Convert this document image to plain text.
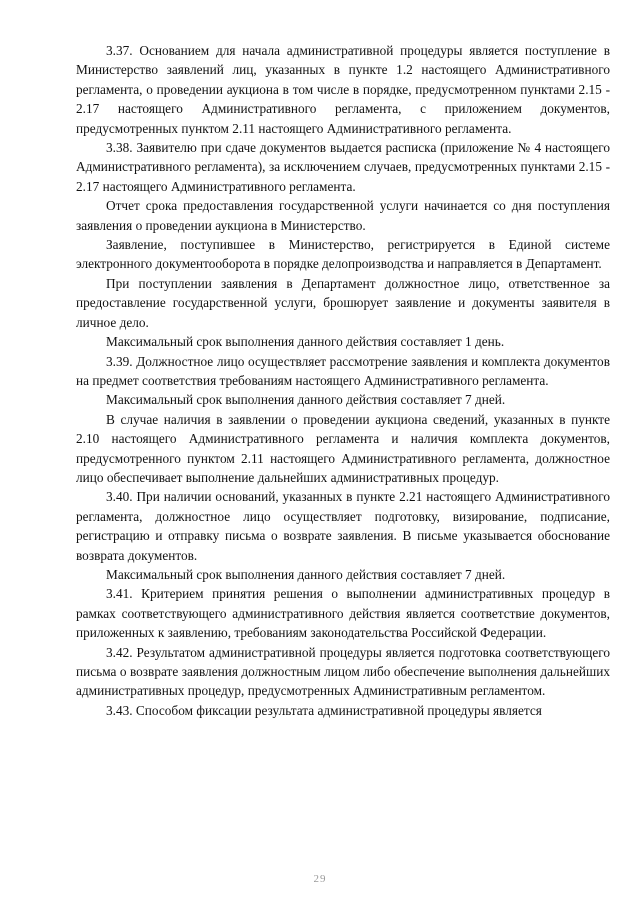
3.37. Основанием для начала административной процедуры является поступление в Министерство заявлений лиц, указанных в пункте 1.2 настоящего Административного регламента, о проведении аукциона в том числе в порядке, предусмотренном пунктами 2.15 - 2.17 настоящего Административного регламента, с приложением документов, предусмотренных пунктом 2.11 настоящего Административного регламента.

3.38. Заявителю при сдаче документов выдается расписка (приложение № 4 настоящего Административного регламента), за исключением случаев, предусмотренных пунктами 2.15 - 2.17 настоящего Административного регламента.

Отчет срока предоставления государственной услуги начинается со дня поступления заявления о проведении аукциона в Министерство.

Заявление, поступившее в Министерство, регистрируется в Единой системе электронного документооборота в порядке делопроизводства и направляется в Департамент.

При поступлении заявления в Департамент должностное лицо, ответственное за предоставление государственной услуги, брошюрует заявление и документы заявителя в личное дело.

Максимальный срок выполнения данного действия составляет 1 день.

3.39. Должностное лицо осуществляет рассмотрение заявления и комплекта документов на предмет соответствия требованиям настоящего Административного регламента.

Максимальный срок выполнения данного действия составляет 7 дней.

В случае наличия в заявлении о проведении аукциона сведений, указанных в пункте 2.10 настоящего Административного регламента и наличия комплекта документов, предусмотренного пунктом 2.11 настоящего Административного регламента, должностное лицо обеспечивает выполнение дальнейших административных процедур.

3.40. При наличии оснований, указанных в пункте 2.21 настоящего Административного регламента, должностное лицо осуществляет подготовку, визирование, подписание, регистрацию и отправку письма о возврате заявления. В письме указывается обоснование возврата документов.

Максимальный срок выполнения данного действия составляет 7 дней.

3.41. Критерием принятия решения о выполнении административных процедур в рамках соответствующего административного действия является соответствие документов, приложенных к заявлению, требованиям законодательства Российской Федерации.

3.42. Результатом административной процедуры является подготовка соответствующего письма о возврате заявления должностным лицом либо обеспечение выполнения дальнейших административных процедур, предусмотренных Административным регламентом.

3.43. Способом фиксации результата административной процедуры является

29
